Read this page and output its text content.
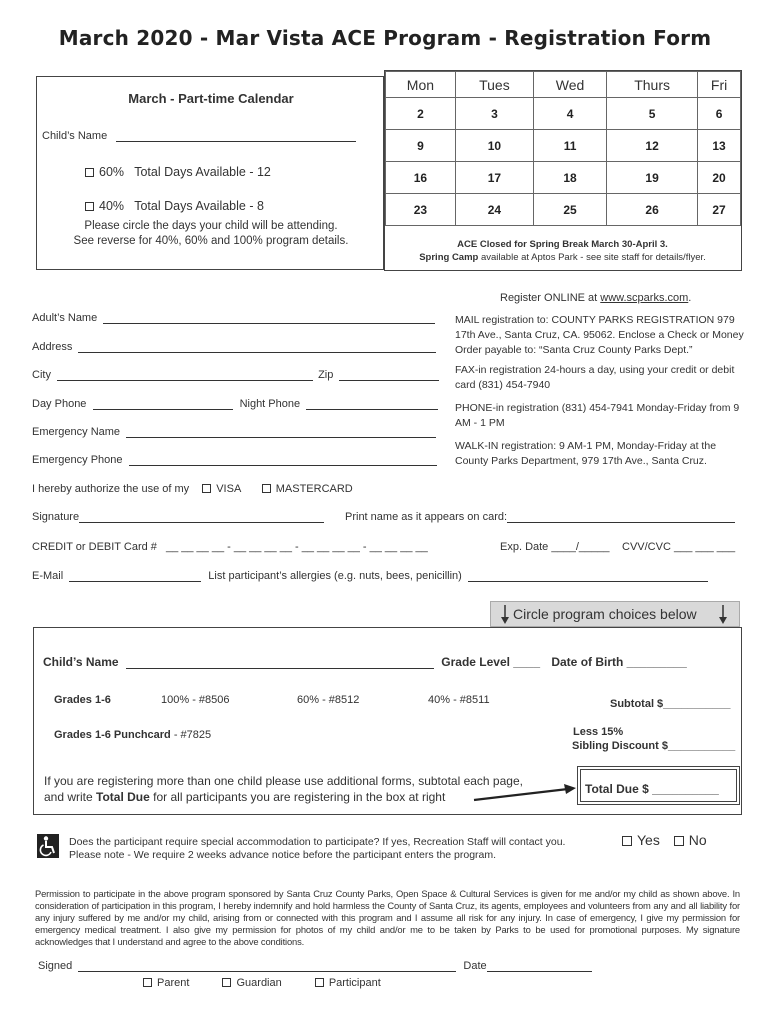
March 2020 - Mar Vista ACE Program - Registration Form
March - Part-time Calendar
Child’s Name
60%   Total Days Available - 12
40%   Total Days Available - 8
Please circle the days your child will be attending.
See reverse for 40%, 60% and 100% program details.
Mon	Tues	Wed	Thurs	Fri
2	3	4	5	6
9	10	11	12	13
16	17	18	19	20
23	24	25	26	27
ACE Closed for Spring Break March 30-April 3.
Spring Camp available at Aptos Park - see site staff for details/flyer.
Register ONLINE at www.scparks.com.
MAIL registration to: COUNTY PARKS REGISTRATION 979 17th Ave., Santa Cruz, CA. 95062. Enclose a Check or Money Order payable to: “Santa Cruz County Parks Dept.”
FAX-in registration 24-hours a day, using your credit or debit card (831) 454-7940
PHONE-in registration (831) 454-7941 Monday-Friday from 9 AM - 1 PM
WALK-IN registration: 9 AM-1 PM, Monday-Friday at the County Parks Department, 979 17th Ave., Santa Cruz.
Adult’s Name
Address
City	Zip
Day Phone	Night Phone
Emergency Name
Emergency Phone
I hereby authorize the use of my VISA	MASTERCARD
Signature	Print name as it appears on card:
CREDIT or DEBIT Card # __ __ __ __ - __ __ __ __ - __ __ __ __ - __ __ __ __	Exp. Date ____/_____ CVV/CVC ___ ___ ___
E-Mail	List participant’s allergies (e.g. nuts, bees, penicillin)
Circle program choices below
Child’s Name	Grade Level ____ Date of Birth _________
Grades 1-6	100% - #8506	60% - #8512	40% - #8511	Subtotal $___________
Grades 1-6 Punchcard - #7825	Less 15%
Sibling Discount $___________
If you are registering more than one child please use additional forms, subtotal each page,
and write Total Due for all participants you are registering in the box at right
Total Due $ __________
Does the participant require special accommodation to participate? If yes, Recreation Staff will contact you.
Please note - We require 2 weeks advance notice before the participant enters the program.
Yes No
Permission to participate in the above program sponsored by Santa Cruz County Parks, Open Space & Cultural Services is given for me and/or my child as shown above. In consideration of participation in this program, I hereby indemnify and hold harmless the County of Santa Cruz, its agents, employees and volunteers from any and all liability for any injury suffered by me and/or my child, arising from or connected with this program and I assume all risk for any injury. In case of emergency, I give my permission for emergency medical treatment. I also give my permission for photos of my child and/or me to be taken by Parks to be used for promotional purposes. My signature acknowledges that I understand and agree to the above conditions.
Signed	Date
Parent	Guardian	Participant
